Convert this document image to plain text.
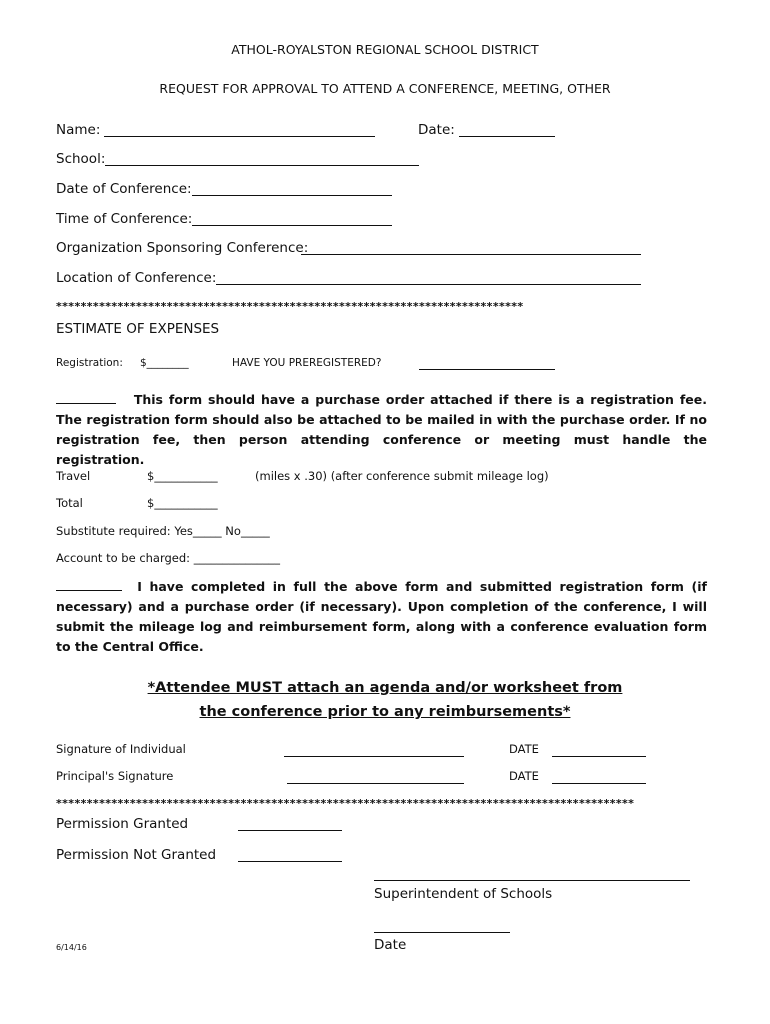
ATHOL-ROYALSTON REGIONAL SCHOOL DISTRICT
REQUEST FOR APPROVAL TO ATTEND A CONFERENCE, MEETING, OTHER
Name:	Date:
School:
Date of Conference:
Time of Conference:
Organization Sponsoring Conference:
Location of Conference:
****************************************************************************
ESTIMATE OF EXPENSES
Registration: $________	HAVE YOU PREREGISTERED?
This form should have a purchase order attached if there is a registration fee. The registration form should also be attached to be mailed in with the purchase order. If no registration fee, then person attending conference or meeting must handle the registration.
Travel	$___________	(miles x .30) (after conference submit mileage log)
Total	$___________
Substitute required: Yes_____ No_____
Account to be charged: _______________
I have completed in full the above form and submitted registration form (if necessary) and a purchase order (if necessary). Upon completion of the conference, I will submit the mileage log and reimbursement form, along with a conference evaluation form to the Central Office.
*Attendee MUST attach an agenda and/or worksheet from
the conference prior to any reimbursements*
Signature of Individual	DATE
Principal's Signature	DATE
**********************************************************************************************
Permission Granted
Permission Not Granted
Superintendent of Schools
Date
6/14/16
